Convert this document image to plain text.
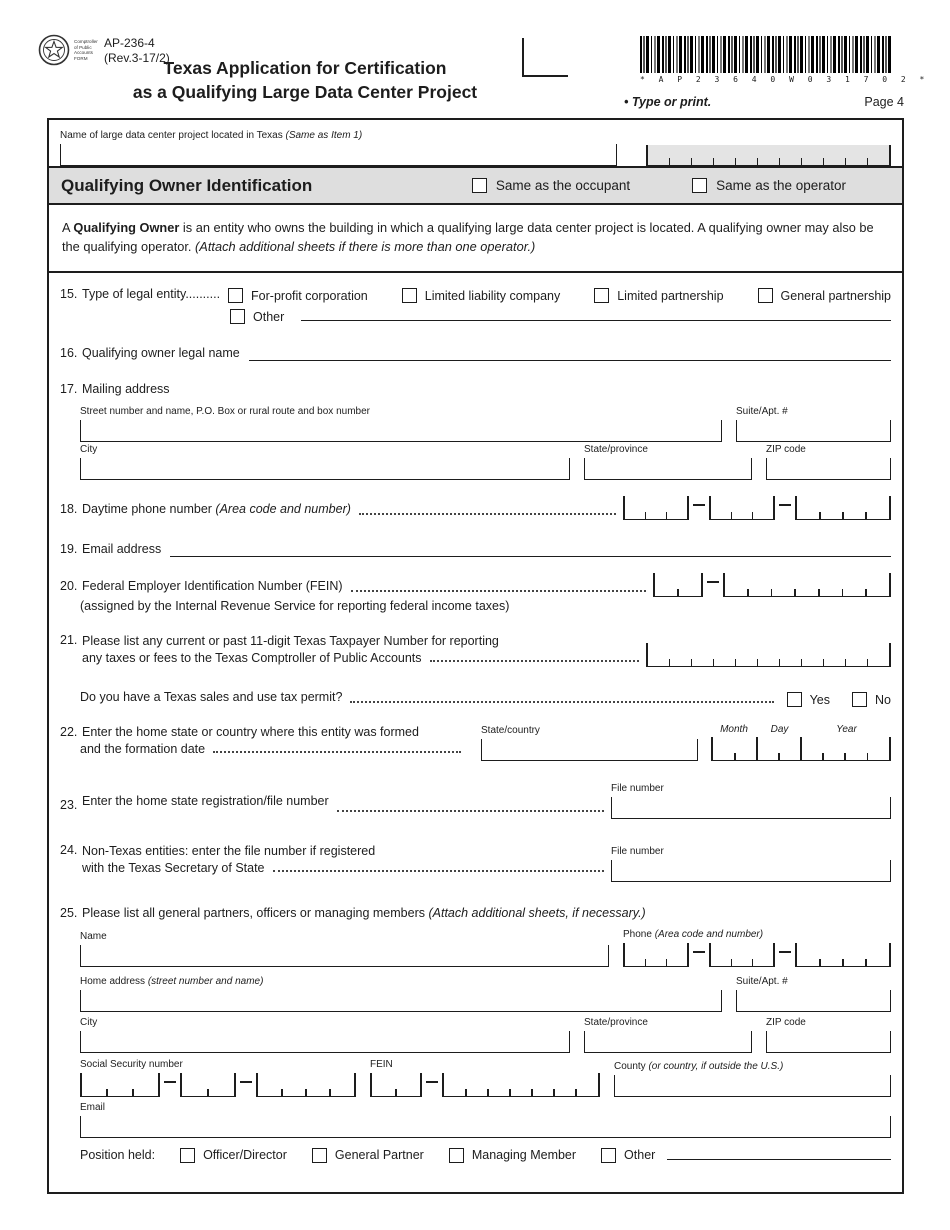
Comptroller
of Public
Accounts
FORM
AP-236-4
(Rev.3-17/2)
Texas Application for Certification
as a Qualifying Large Data Center Project
* A P 2 3 6 4 0 W 0 3 1 7 0 2 *
• Type or print.	Page 4
Name of large data center project located in Texas (Same as Item 1)
Qualifying Owner Identification	Same as the occupant	Same as the operator
A Qualifying Owner is an entity who owns the building in which a qualifying large data center project is located. A qualifying owner may also be the qualifying operator. (Attach additional sheets if there is more than one operator.)
15. Type of legal entity.......... For-profit corporation	Limited liability company	Limited partnership	General partnership
Other
16. Qualifying owner legal name
17. Mailing address
Street number and name, P.O. Box or rural route and box number	Suite/Apt. #
City	State/province	ZIP code
18. Daytime phone number (Area code and number)
19. Email address
20. Federal Employer Identification Number (FEIN)
(assigned by the Internal Revenue Service for reporting federal income taxes)
21. Please list any current or past 11-digit Texas Taxpayer Number for reporting
any taxes or fees to the Texas Comptroller of Public Accounts
Do you have a Texas sales and use tax permit?	Yes	No
22. Enter the home state or country where this entity was formed
and the formation date
State/country	Month	Day	Year
23. Enter the home state registration/file number
File number
24. Non-Texas entities: enter the file number if registered
with the Texas Secretary of State
File number
25. Please list all general partners, officers or managing members (Attach additional sheets, if necessary.)
Name	Phone (Area code and number)
Home address (street number and name)	Suite/Apt. #
City	State/province	ZIP code
Social Security number	FEIN	County (or country, if outside the U.S.)
Email
Position held:	Officer/Director	General Partner	Managing Member	Other
